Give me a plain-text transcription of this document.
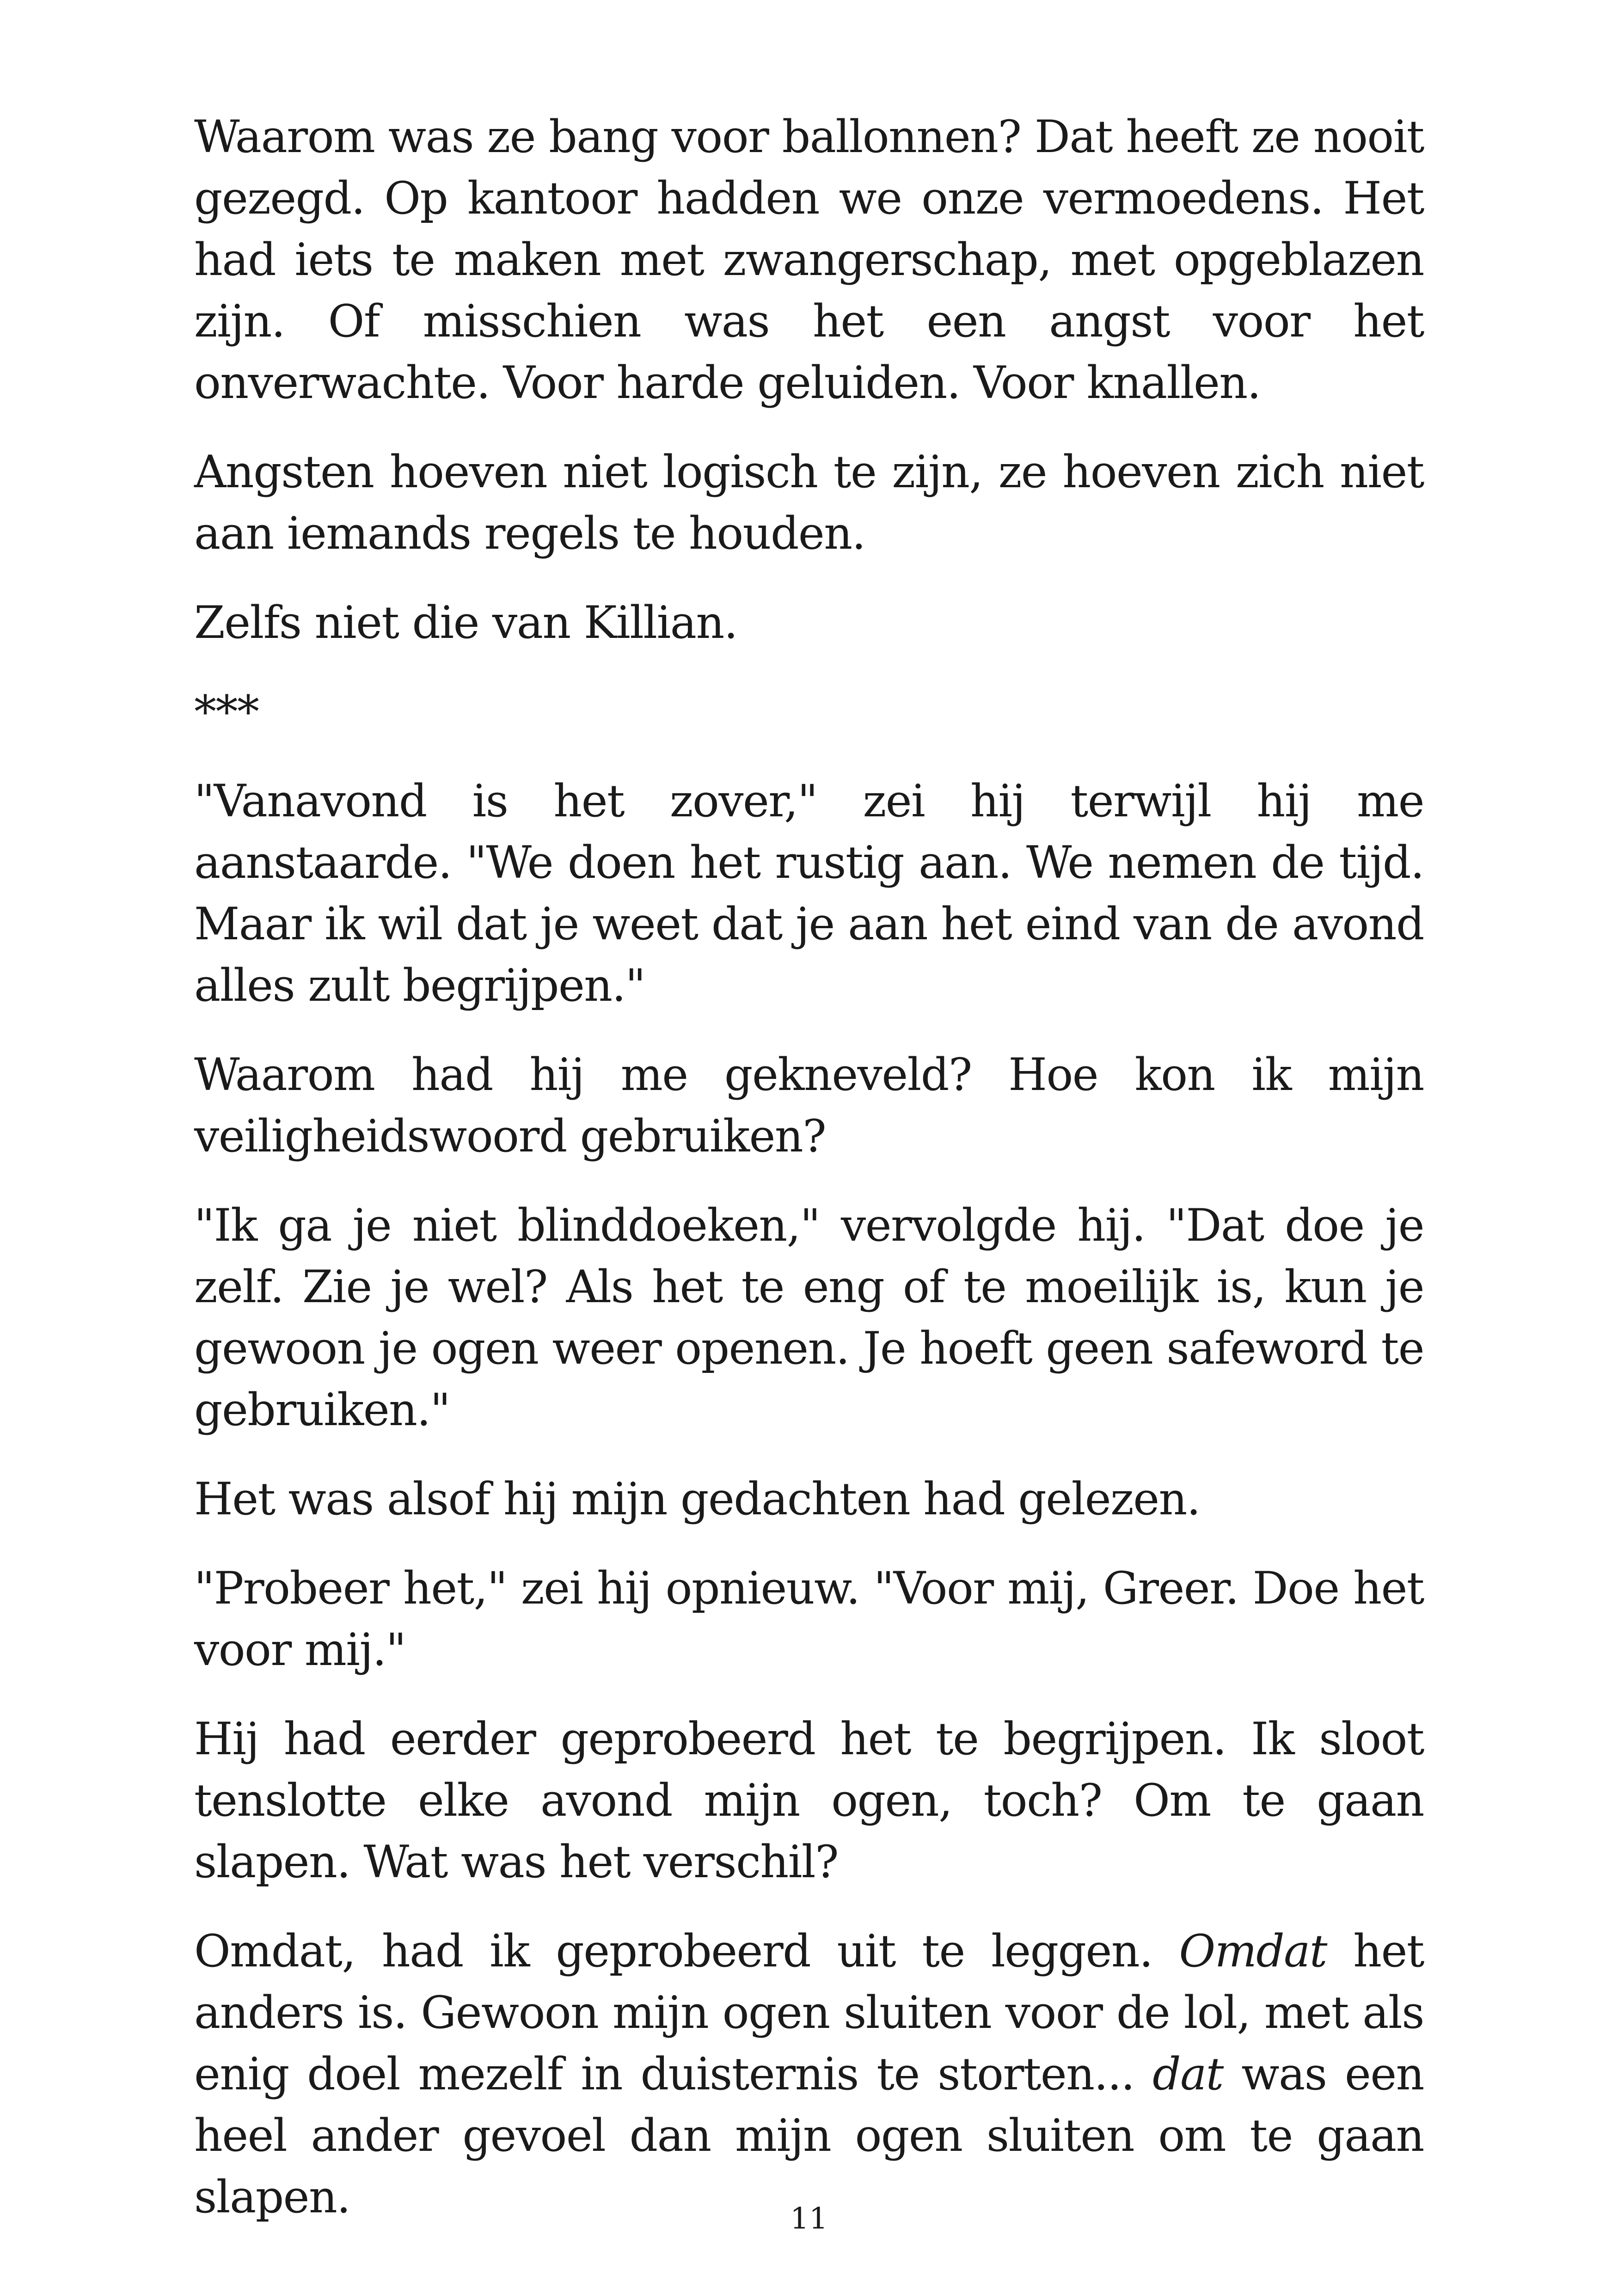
Waarom was ze bang voor ballonnen? Dat heeft ze nooit gezegd. Op kantoor hadden we onze vermoedens. Het had iets te maken met zwangerschap, met opgeblazen zijn. Of misschien was het een angst voor het onverwachte. Voor harde geluiden. Voor knallen.

Angsten hoeven niet logisch te zijn, ze hoeven zich niet aan iemands regels te houden.

Zelfs niet die van Killian.

***

"Vanavond is het zover," zei hij terwijl hij me aanstaarde. "We doen het rustig aan. We nemen de tijd. Maar ik wil dat je weet dat je aan het eind van de avond alles zult begrijpen."

Waarom had hij me gekneveld? Hoe kon ik mijn veiligheidswoord gebruiken?

"Ik ga je niet blinddoeken," vervolgde hij. "Dat doe je zelf. Zie je wel? Als het te eng of te moeilijk is, kun je gewoon je ogen weer openen. Je hoeft geen safeword te gebruiken."

Het was alsof hij mijn gedachten had gelezen.

"Probeer het," zei hij opnieuw. "Voor mij, Greer. Doe het voor mij."

Hij had eerder geprobeerd het te begrijpen. Ik sloot tenslotte elke avond mijn ogen, toch? Om te gaan slapen. Wat was het verschil?

Omdat, had ik geprobeerd uit te leggen. Omdat het anders is. Gewoon mijn ogen sluiten voor de lol, met als enig doel mezelf in duisternis te storten... dat was een heel ander gevoel dan mijn ogen sluiten om te gaan slapen.	11
